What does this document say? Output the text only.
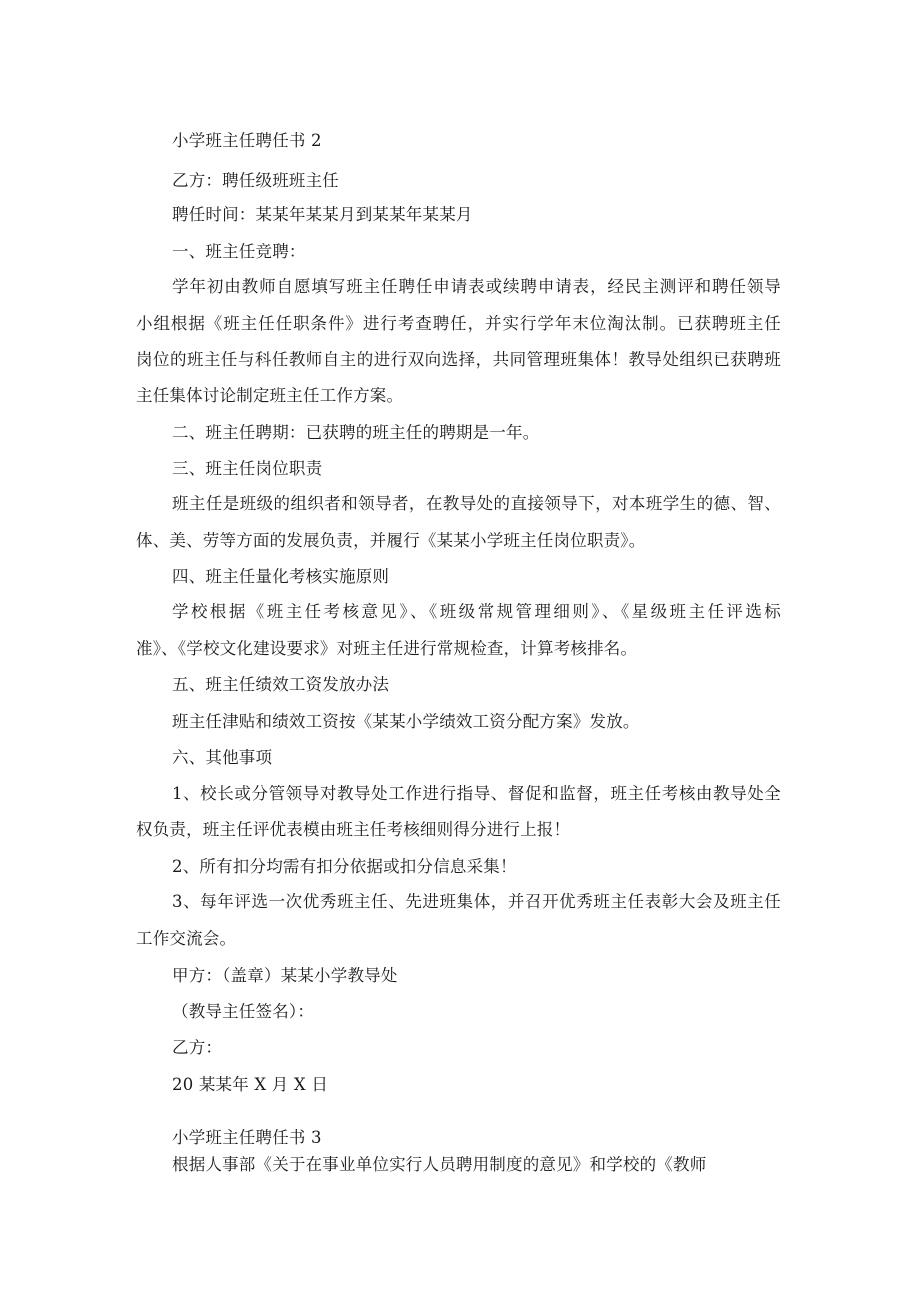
小学班主任聘任书 2
乙方：聘任级班班主任
聘任时间：某某年某某月到某某年某某月
一、班主任竞聘：
学年初由教师自愿填写班主任聘任申请表或续聘申请表，经民主测评和聘任领导
小组根据《班主任任职条件》进行考查聘任，并实行学年末位淘汰制。已获聘班主任
岗位的班主任与科任教师自主的进行双向选择，共同管理班集体！教导处组织已获聘班
主任集体讨论制定班主任工作方案。
二、班主任聘期：已获聘的班主任的聘期是一年。
三、班主任岗位职责
班主任是班级的组织者和领导者，在教导处的直接领导下，对本班学生的德、智、
体、美、劳等方面的发展负责，并履行《某某小学班主任岗位职责》。
四、班主任量化考核实施原则
学校根据《班主任考核意见》、《班级常规管理细则》、《星级班主任评选标
准》、《学校文化建设要求》对班主任进行常规检查，计算考核排名。
五、班主任绩效工资发放办法
班主任津贴和绩效工资按《某某小学绩效工资分配方案》发放。
六、其他事项
1、校长或分管领导对教导处工作进行指导、督促和监督，班主任考核由教导处全
权负责，班主任评优表模由班主任考核细则得分进行上报！
2、所有扣分均需有扣分依据或扣分信息采集！
3、每年评选一次优秀班主任、先进班集体，并召开优秀班主任表彰大会及班主任
工作交流会。
甲方：（盖章）某某小学教导处
（教导主任签名）：
乙方：
20 某某年 X 月 X 日
小学班主任聘任书 3
根据人事部《关于在事业单位实行人员聘用制度的意见》和学校的《教师
